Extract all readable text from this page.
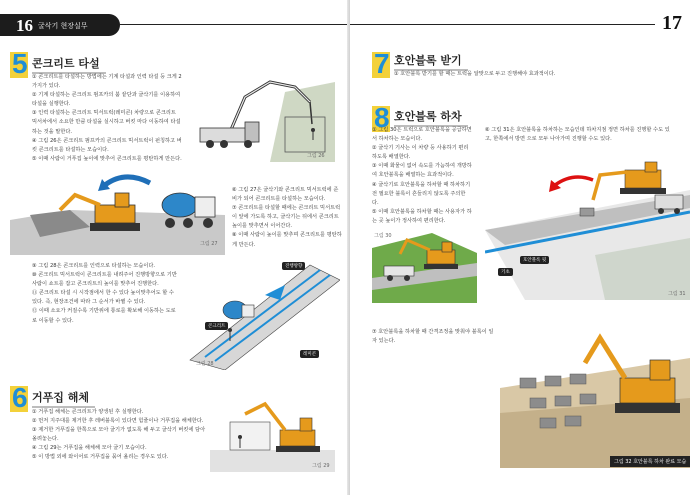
16 굴삭기 현장실무
5 콘크리트 타설
① 콘크리트를 타설하는 방법에는 기계 타설과 인력 타설 등 크게 2가지가 있다.
② 기계 타설하는 콘크리트 펌프카의 붐 끝단과 굴삭기를 이용하여 타설을 실행한다.
③ 인력 타설하는 콘크리트 믹서트럭(레미콘) 차량으로 콘크리트 믹서차에서 소요한 만큼 타설을 실시하고 버킷 마다 이동하여 타설하는 것을 말한다.
④ 그림 26은 콘크리트 펌프카의 콘크리트 믹서트럭이 펀칭하고 버킷 콘크리트를 타설하는 모습이다.
⑤ 이때 사람이 거푸집 높이에 맞추어 콘크리트를 평탄하게 만든다.	그림 26
그림 27
⑥ 그림 27은 굴삭기와 콘크리트 믹서트럭에 준비가 되어 콘크리트를 타설하는 모습이다.
⑦ 콘크리트를 타설할 때에는 콘크리트 믹서트럭이 앞에 가도록 하고, 굴삭기는 뒤에서 콘크리트 높이를 맞추면서 이어간다.
⑧ 이때 사람이 높이를 맞추며 콘크리트를 평탄하게 만든다.
⑨ 그림 28은 콘크리트를 인력으로 타설하는 모습이다.
⑩ 콘크리트 믹서트럭이 콘크리트를 내려주어 진행방향으로 기반 사람이 쇼트를 잡고 콘크리트의 높이를 맞추어 진행한다.
⑪ 콘크리트 타설 시 시작점에서 한 수 있다 높이맞추어도 할 수 있다. 즉, 현장조건에 따라 그 순서가 바뀔 수 있다.
⑫ 이때 소요가 커질수록 기반위에 통로를 확보해 이동하는 도로로 이동할 수 있다.
진행방향
콘크리트
레미콘
그림 28
6 거푸집 해체
① 거푸집 해체는 콘크리트가 양생된 후 실행한다.
② 먼저 지주대를 제거한 후 레버블록이 있다면 힘줄이나 거푸집을 해체한다.
③ 제거한 거푸집을 한쪽으로 모아 굴기가 없도록 해 두고 굴삭기 버킷에 담아 올려놓는다.
④ 그림 29는 거푸집을 해체해 모아 굴기 모습이다.
⑤ 이 방법 외에 와이어로 거푸집을 묶어 올리는 경우도 있다.
그림 29
17
7 호안블록 받기
① 호안블록 받기를 할 때는 트럭을 알맞으로 두고 진행해야 효과적이다.
8 호안블록 하차
① 그림 30은 트럭으로 호안블록을 공급하면서 하차하는 모습이다.
② 굴삭기 기사는 이 차량 등 사용하기 편리하도록 배열한다.
③ 이때 화물이 없어 속도를 가늠하여 개방하여 호안블록을 배열하는 효과적이다.
④ 굴삭기로 호안블록을 하차할 때 하차하기 전 필요한 블록이 흔들리지 않도록 주의한다.
⑤ 이때 호안블록을 하차할 때는 사용자가 하는 곳 높이가 정사하여 편리한다.
⑥ 그림 31은 호안블록을 하차하는 모습인데 하차지점 정면 하차를 진행할 수도 있고, 한쪽에서 방면 으로 모두 나아가며 진행할 수도 있다.
그림 30
기초
호안블록 뒷
그림 31
⑦ 호안블록을 하차할 때 간격조정을 맞춰야 블록이 일자 있는다.
그림 32 호안블록 하차 완료 모습
